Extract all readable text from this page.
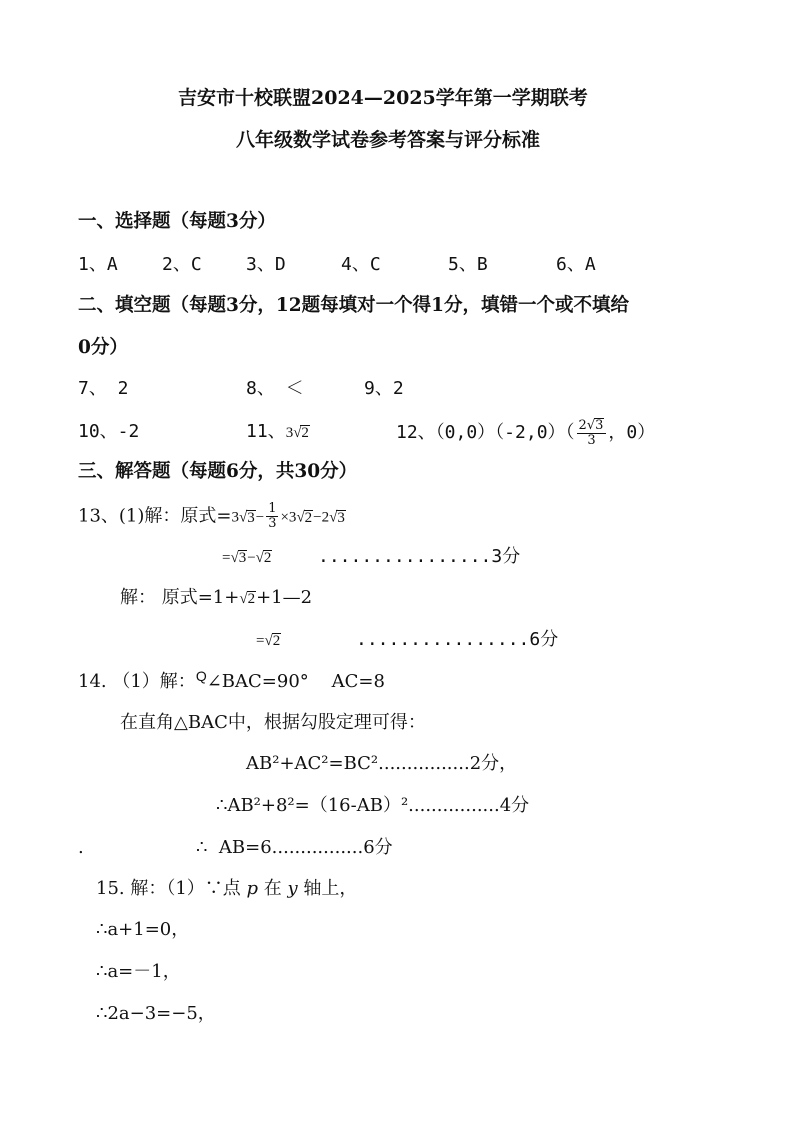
吉安市十校联盟2024—2025学年第一学期联考
八年级数学试卷参考答案与评分标准
一、选择题（每题3分）
1、A 2、C 3、D	4、C	5、B	6、A
二、填空题（每题3分，12题每填对一个得1分，填错一个或不填给
0分）
7、 2	8、 ＜	9、2
10、-2	11、3√2	12、$(0,0)(-2,0)( \frac{2√3}{3}$ ，0）
三、解答题（每题6分，共30分）
13、(1)解：原式$=3√3- \frac{1}{3} \times 3√2-2√3$
=√3−√2	................3分
解： 原式=1+√2+1—2
=√2	................6分
14. （1）解：$^Q$∠BAC=90°    AC=8
在直角△BAC中，根据勾股定理可得：
AB²+AC²=BC²................2分，
∴AB²+8²=（16-AB）²................4分
.	∴  AB=6................6分
15. 解：（1）∵点 p 在 y 轴上，
∴a+1=0，
∴a=－1，
∴2a−3=−5，
